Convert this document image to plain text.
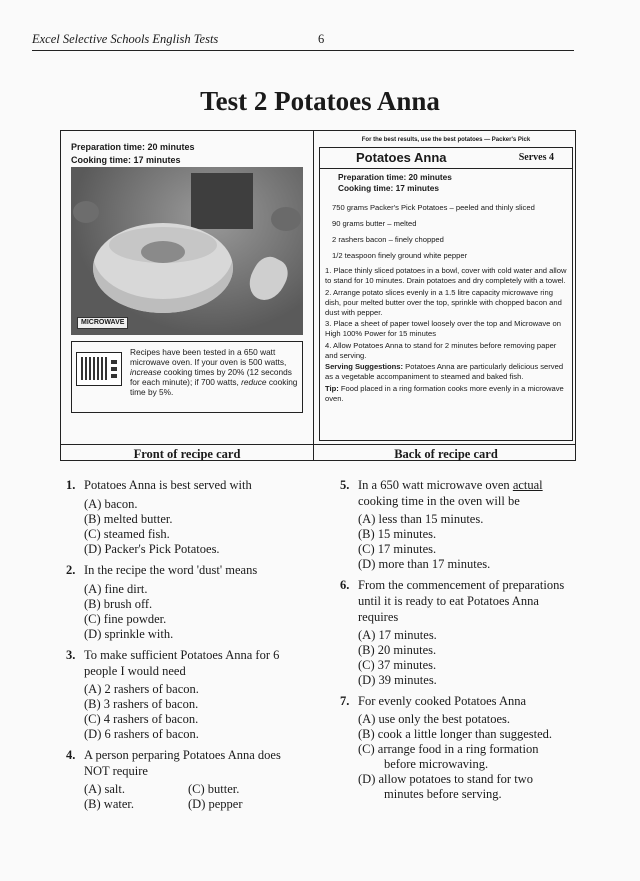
Excel Selective Schools English Tests	6
Test 2 Potatoes Anna
Preparation time: 20 minutes
Cooking time: 17 minutes
MICROWAVE
Recipes have been tested in a 650 watt microwave oven. If your oven is 500 watts, increase cooking times by 20% (12 seconds for each minute); if 700 watts, reduce cooking time by 5%.
Front of recipe card
For the best results, use the best potatoes — Packer's Pick
Potatoes Anna	Serves 4
Preparation time: 20 minutes
Cooking time: 17 minutes
750 grams Packer's Pick Potatoes – peeled and thinly sliced
90 grams butter – melted
2 rashers bacon – finely chopped
1/2 teaspoon finely ground white pepper
1. Place thinly sliced potatoes in a bowl, cover with cold water and allow to stand for 10 minutes. Drain potatoes and dry completely with a towel.
2. Arrange potato slices evenly in a 1.5 litre capacity microwave ring dish, pour melted butter over the top, sprinkle with chopped bacon and dust with pepper.
3. Place a sheet of paper towel loosely over the top and Microwave on High 100% Power for 15 minutes
4. Allow Potatoes Anna to stand for 2 minutes before removing paper and serving.
Serving Suggestions: Potatoes Anna are particularly delicious served as a vegetable accompaniment to steamed and baked fish.
Tip: Food placed in a ring formation cooks more evenly in a microwave oven.
Back of recipe card
1. Potatoes Anna is best served with
(A) bacon.
(B) melted butter.
(C) steamed fish.
(D) Packer's Pick Potatoes.
2. In the recipe the word 'dust' means
(A) fine dirt.
(B) brush off.
(C) fine powder.
(D) sprinkle with.
3. To make sufficient Potatoes Anna for 6
people I would need
(A) 2 rashers of bacon.
(B) 3 rashers of bacon.
(C) 4 rashers of bacon.
(D) 6 rashers of bacon.
4. A person perparing Potatoes Anna does
NOT require
(A) salt.	(C) butter.
(B) water.	(D) pepper
5. In a 650 watt microwave oven actual
cooking time in the oven will be
(A) less than 15 minutes.
(B) 15 minutes.
(C) 17 minutes.
(D) more than 17 minutes.
6. From the commencement of preparations
until it is ready to eat Potatoes Anna
requires
(A) 17 minutes.
(B) 20 minutes.
(C) 37 minutes.
(D) 39 minutes.
7. For evenly cooked Potatoes Anna
(A) use only the best potatoes.
(B) cook a little longer than suggested.
(C) arrange food in a ring formation
before microwaving.
(D) allow potatoes to stand for two
minutes before serving.
